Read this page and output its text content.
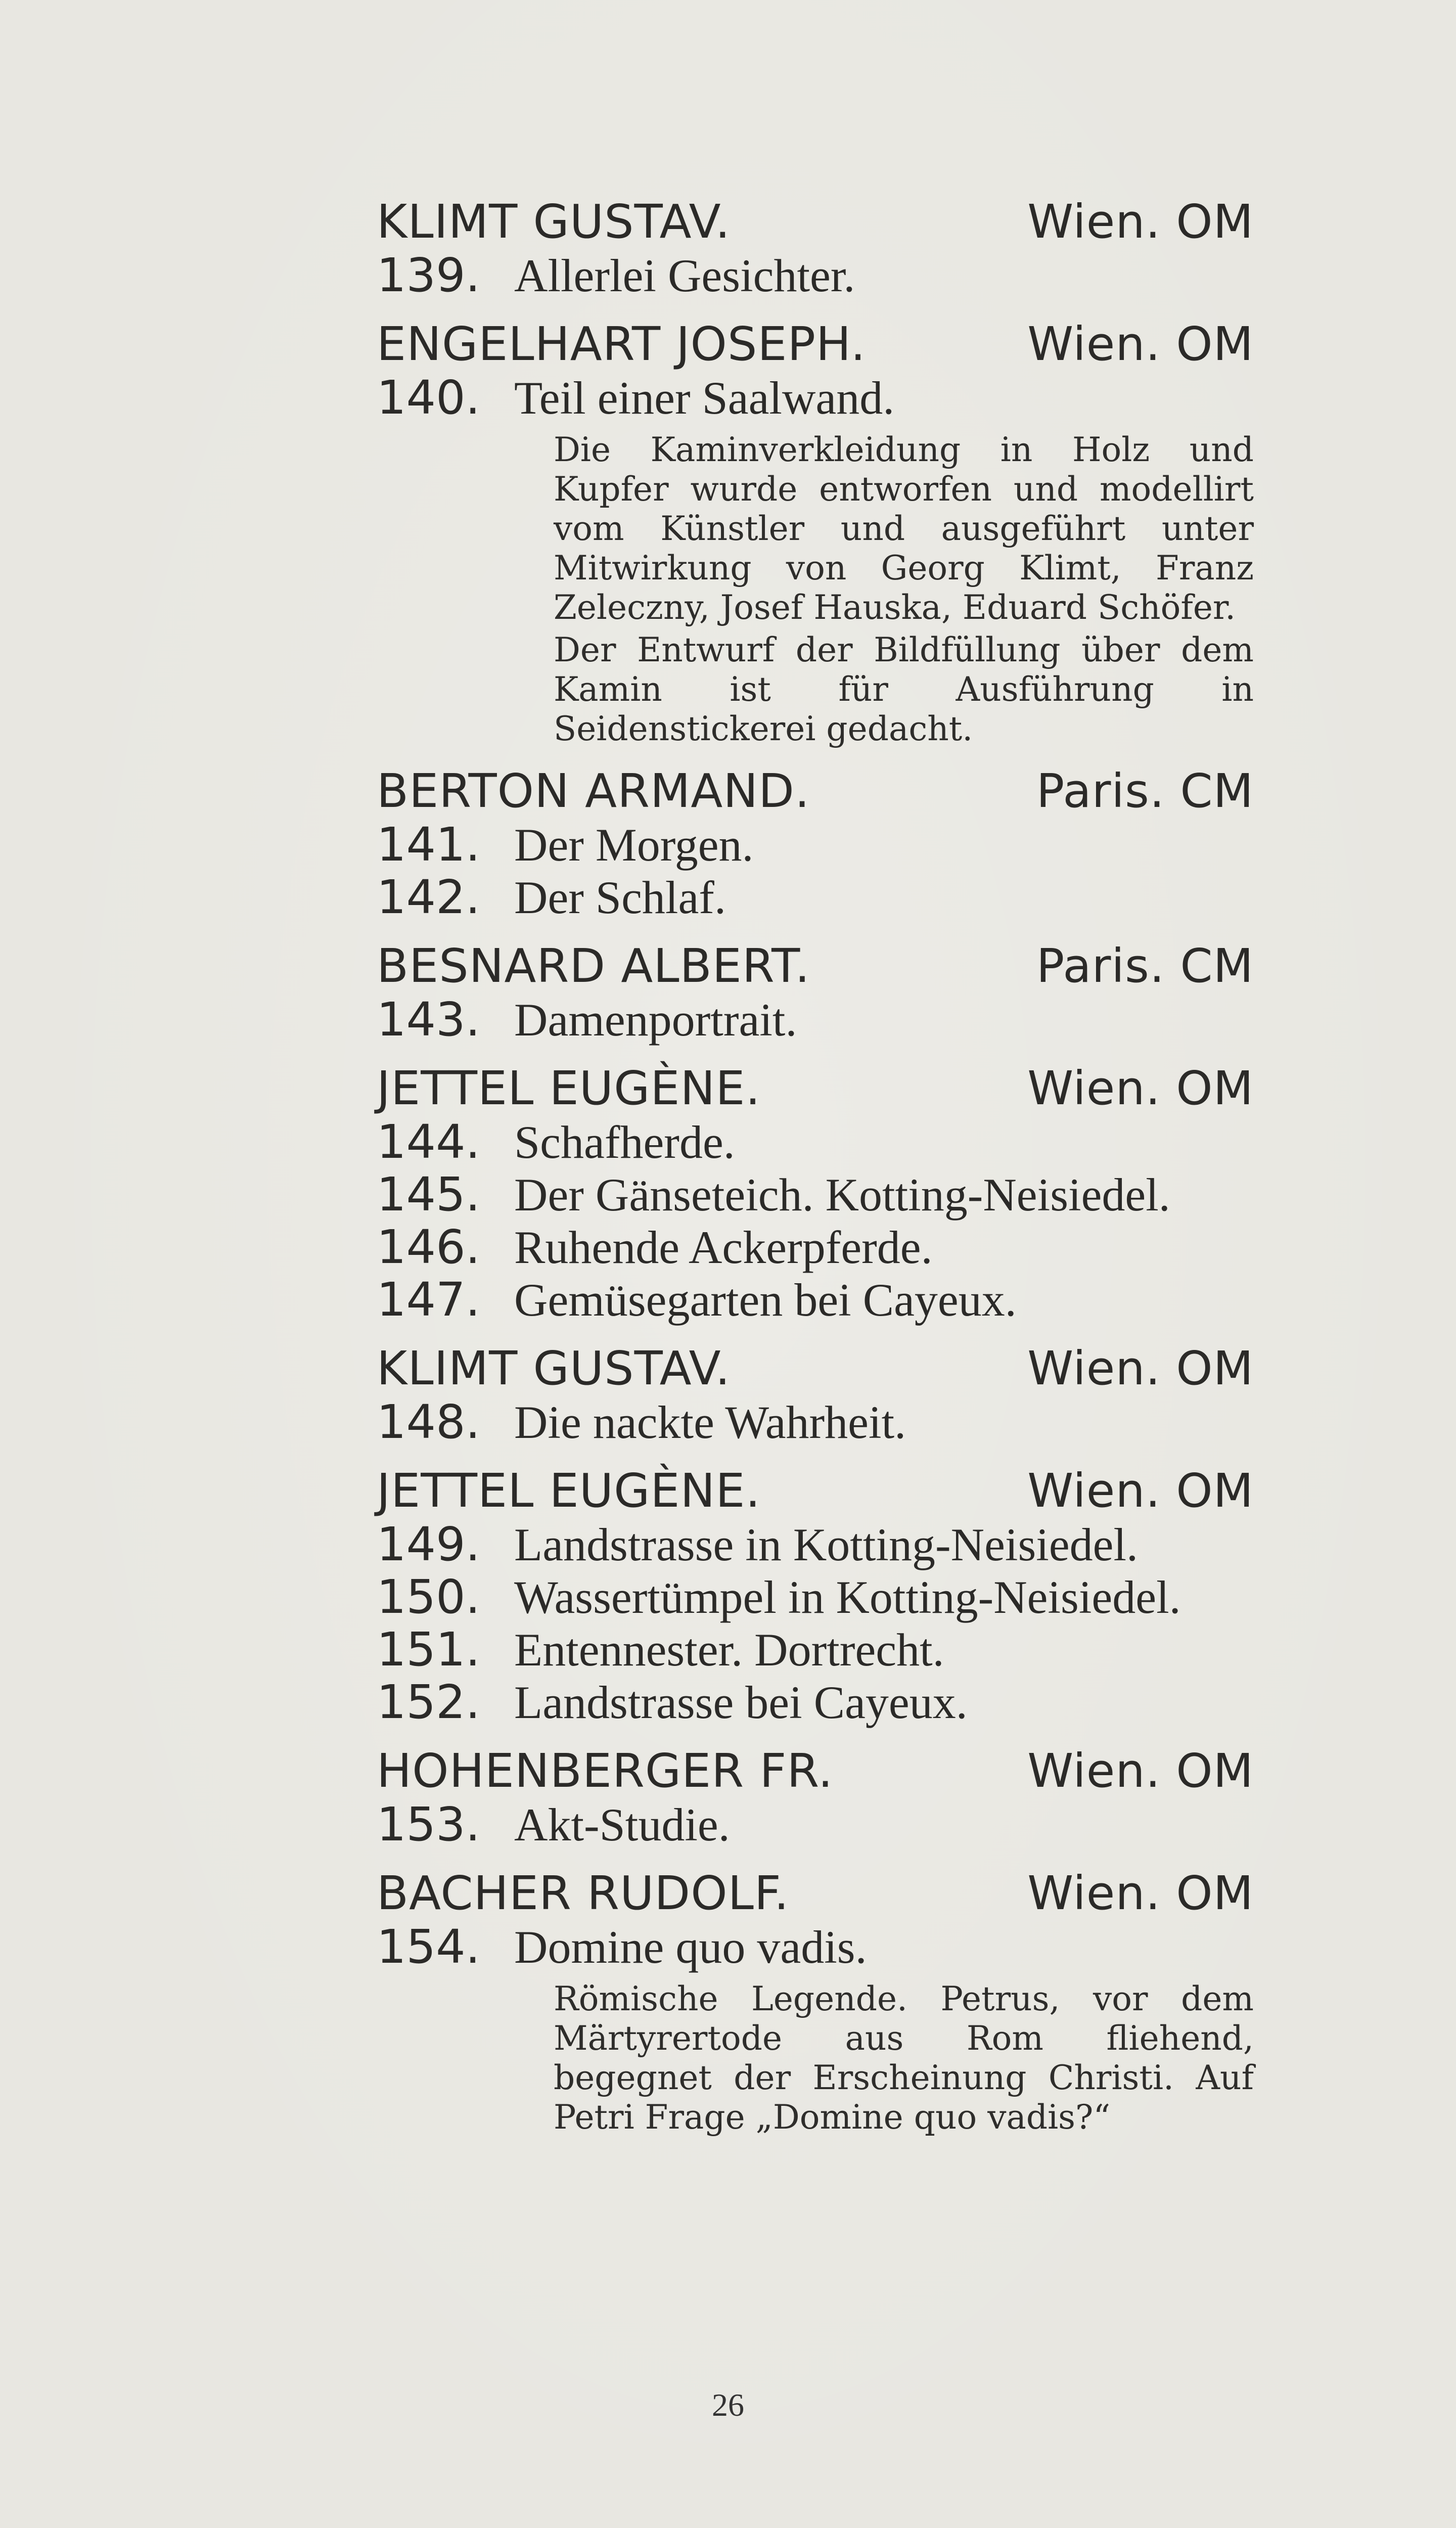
KLIMT GUSTAV.	Wien. OM
139. Allerlei Gesichter.
ENGELHART JOSEPH.	Wien. OM
140. Teil einer Saalwand.

Die Kaminverkleidung in Holz und Kupfer wurde entworfen und modellirt vom Künstler und ausgeführt unter Mitwirkung von Georg Klimt, Franz Zeleczny, Josef Hauska, Eduard Schöfer.

Der Entwurf der Bildfüllung über dem Kamin ist für Ausführung in Seidenstickerei gedacht.

BERTON ARMAND.	Paris. CM
141. Der Morgen.
142. Der Schlaf.
BESNARD ALBERT.	Paris. CM
143. Damenportrait.
JETTEL EUGÈNE.	Wien. OM
144. Schafherde.
145. Der Gänseteich. Kotting-Neisiedel.
146. Ruhende Ackerpferde.
147. Gemüsegarten bei Cayeux.
KLIMT GUSTAV.	Wien. OM
148. Die nackte Wahrheit.
JETTEL EUGÈNE.	Wien. OM
149. Landstrasse in Kotting-Neisiedel.
150. Wassertümpel in Kotting-Neisiedel.
151. Entennester. Dortrecht.
152. Landstrasse bei Cayeux.
HOHENBERGER FR.	Wien. OM
153. Akt-Studie.
BACHER RUDOLF.	Wien. OM
154. Domine quo vadis.

Römische Legende. Petrus, vor dem Märtyrertode aus Rom fliehend, begegnet der Erscheinung Christi. Auf Petri Frage „Domine quo vadis?“

26
